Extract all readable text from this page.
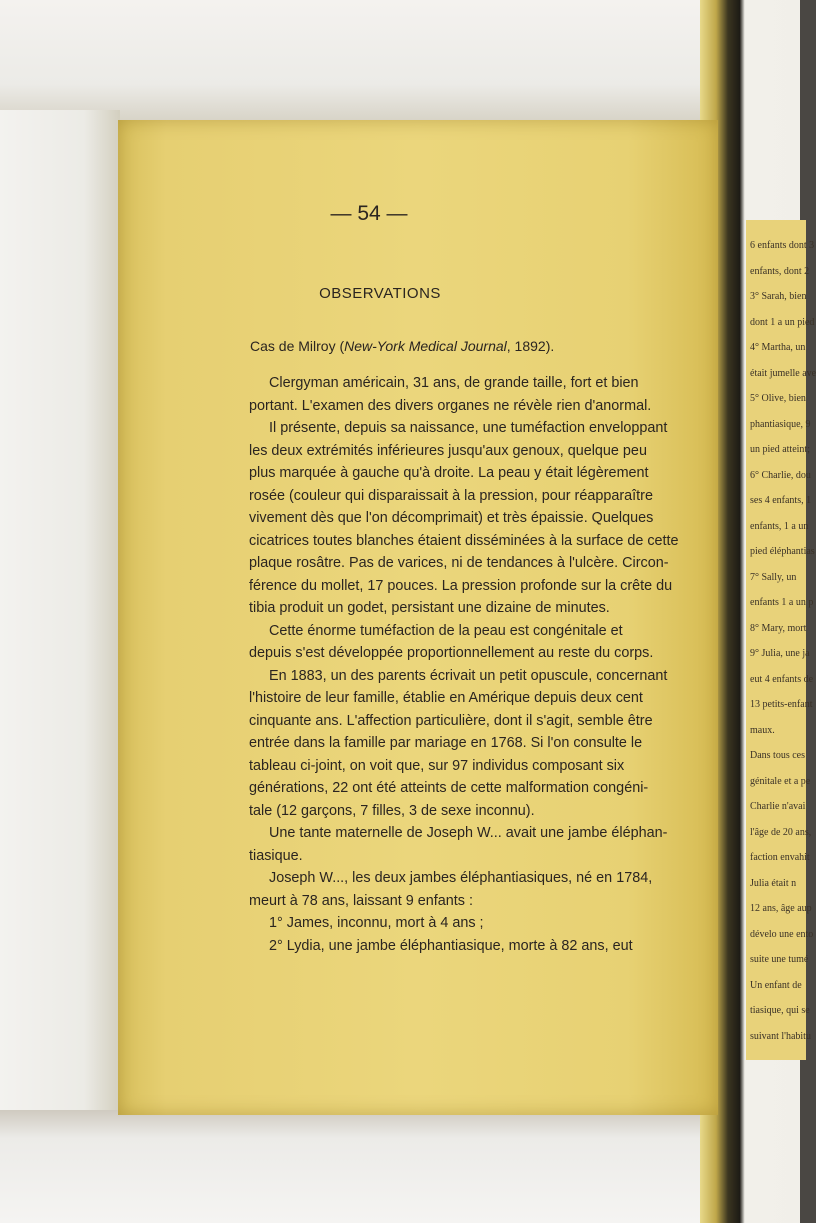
— 54 —
OBSERVATIONS
Cas de Milroy (New-York Medical Journal, 1892).
Clergyman américain, 31 ans, de grande taille, fort et bien
portant. L'examen des divers organes ne révèle rien d'anormal.
Il présente, depuis sa naissance, une tuméfaction enveloppant
les deux extrémités inférieures jusqu'aux genoux, quelque peu
plus marquée à gauche qu'à droite. La peau y était légèrement
rosée (couleur qui disparaissait à la pression, pour réapparaître
vivement dès que l'on décomprimait) et très épaissie. Quelques
cicatrices toutes blanches étaient disséminées à la surface de cette
plaque rosâtre. Pas de varices, ni de tendances à l'ulcère. Circon-
férence du mollet, 17 pouces. La pression profonde sur la crête du
tibia produit un godet, persistant une dizaine de minutes.
Cette énorme tuméfaction de la peau est congénitale et
depuis s'est développée proportionnellement au reste du corps.
En 1883, un des parents écrivait un petit opuscule, concernant
l'histoire de leur famille, établie en Amérique depuis deux cent
cinquante ans. L'affection particulière, dont il s'agit, semble être
entrée dans la famille par mariage en 1768. Si l'on consulte le
tableau ci-joint, on voit que, sur 97 individus composant six
générations, 22 ont été atteints de cette malformation congéni-
tale (12 garçons, 7 filles, 3 de sexe inconnu).
Une tante maternelle de Joseph W... avait une jambe éléphan-
tiasique.
Joseph W..., les deux jambes éléphantiasiques, né en 1784,
meurt à 78 ans, laissant 9 enfants :
1° James, inconnu, mort à 4 ans ;
2° Lydia, une jambe éléphantiasique, morte à 82 ans, eut
6 enfants dont 3
enfants, dont 2
3° Sarah, bien
dont 1 a un pied
4° Martha, un
était jumelle ave
5° Olive, bien
phantiasique, 9
un pied atteint;
6° Charlie, dou
ses 4 enfants, 1
enfants, 1 a un
pied éléphantias
7° Sally, un
enfants 1 a un p
8° Mary, mort
9° Julia, une ja
eut 4 enfants de
13 petits-enfant
maux.
Dans tous ces
génitale et a pe
Charlie n'avai
l'âge de 20 ans,
faction envahit
Julia était n
12 ans, âge aup
dévelo une ento
suite une tumé
Un enfant de
tiasique, qui se
suivant l'habitu
